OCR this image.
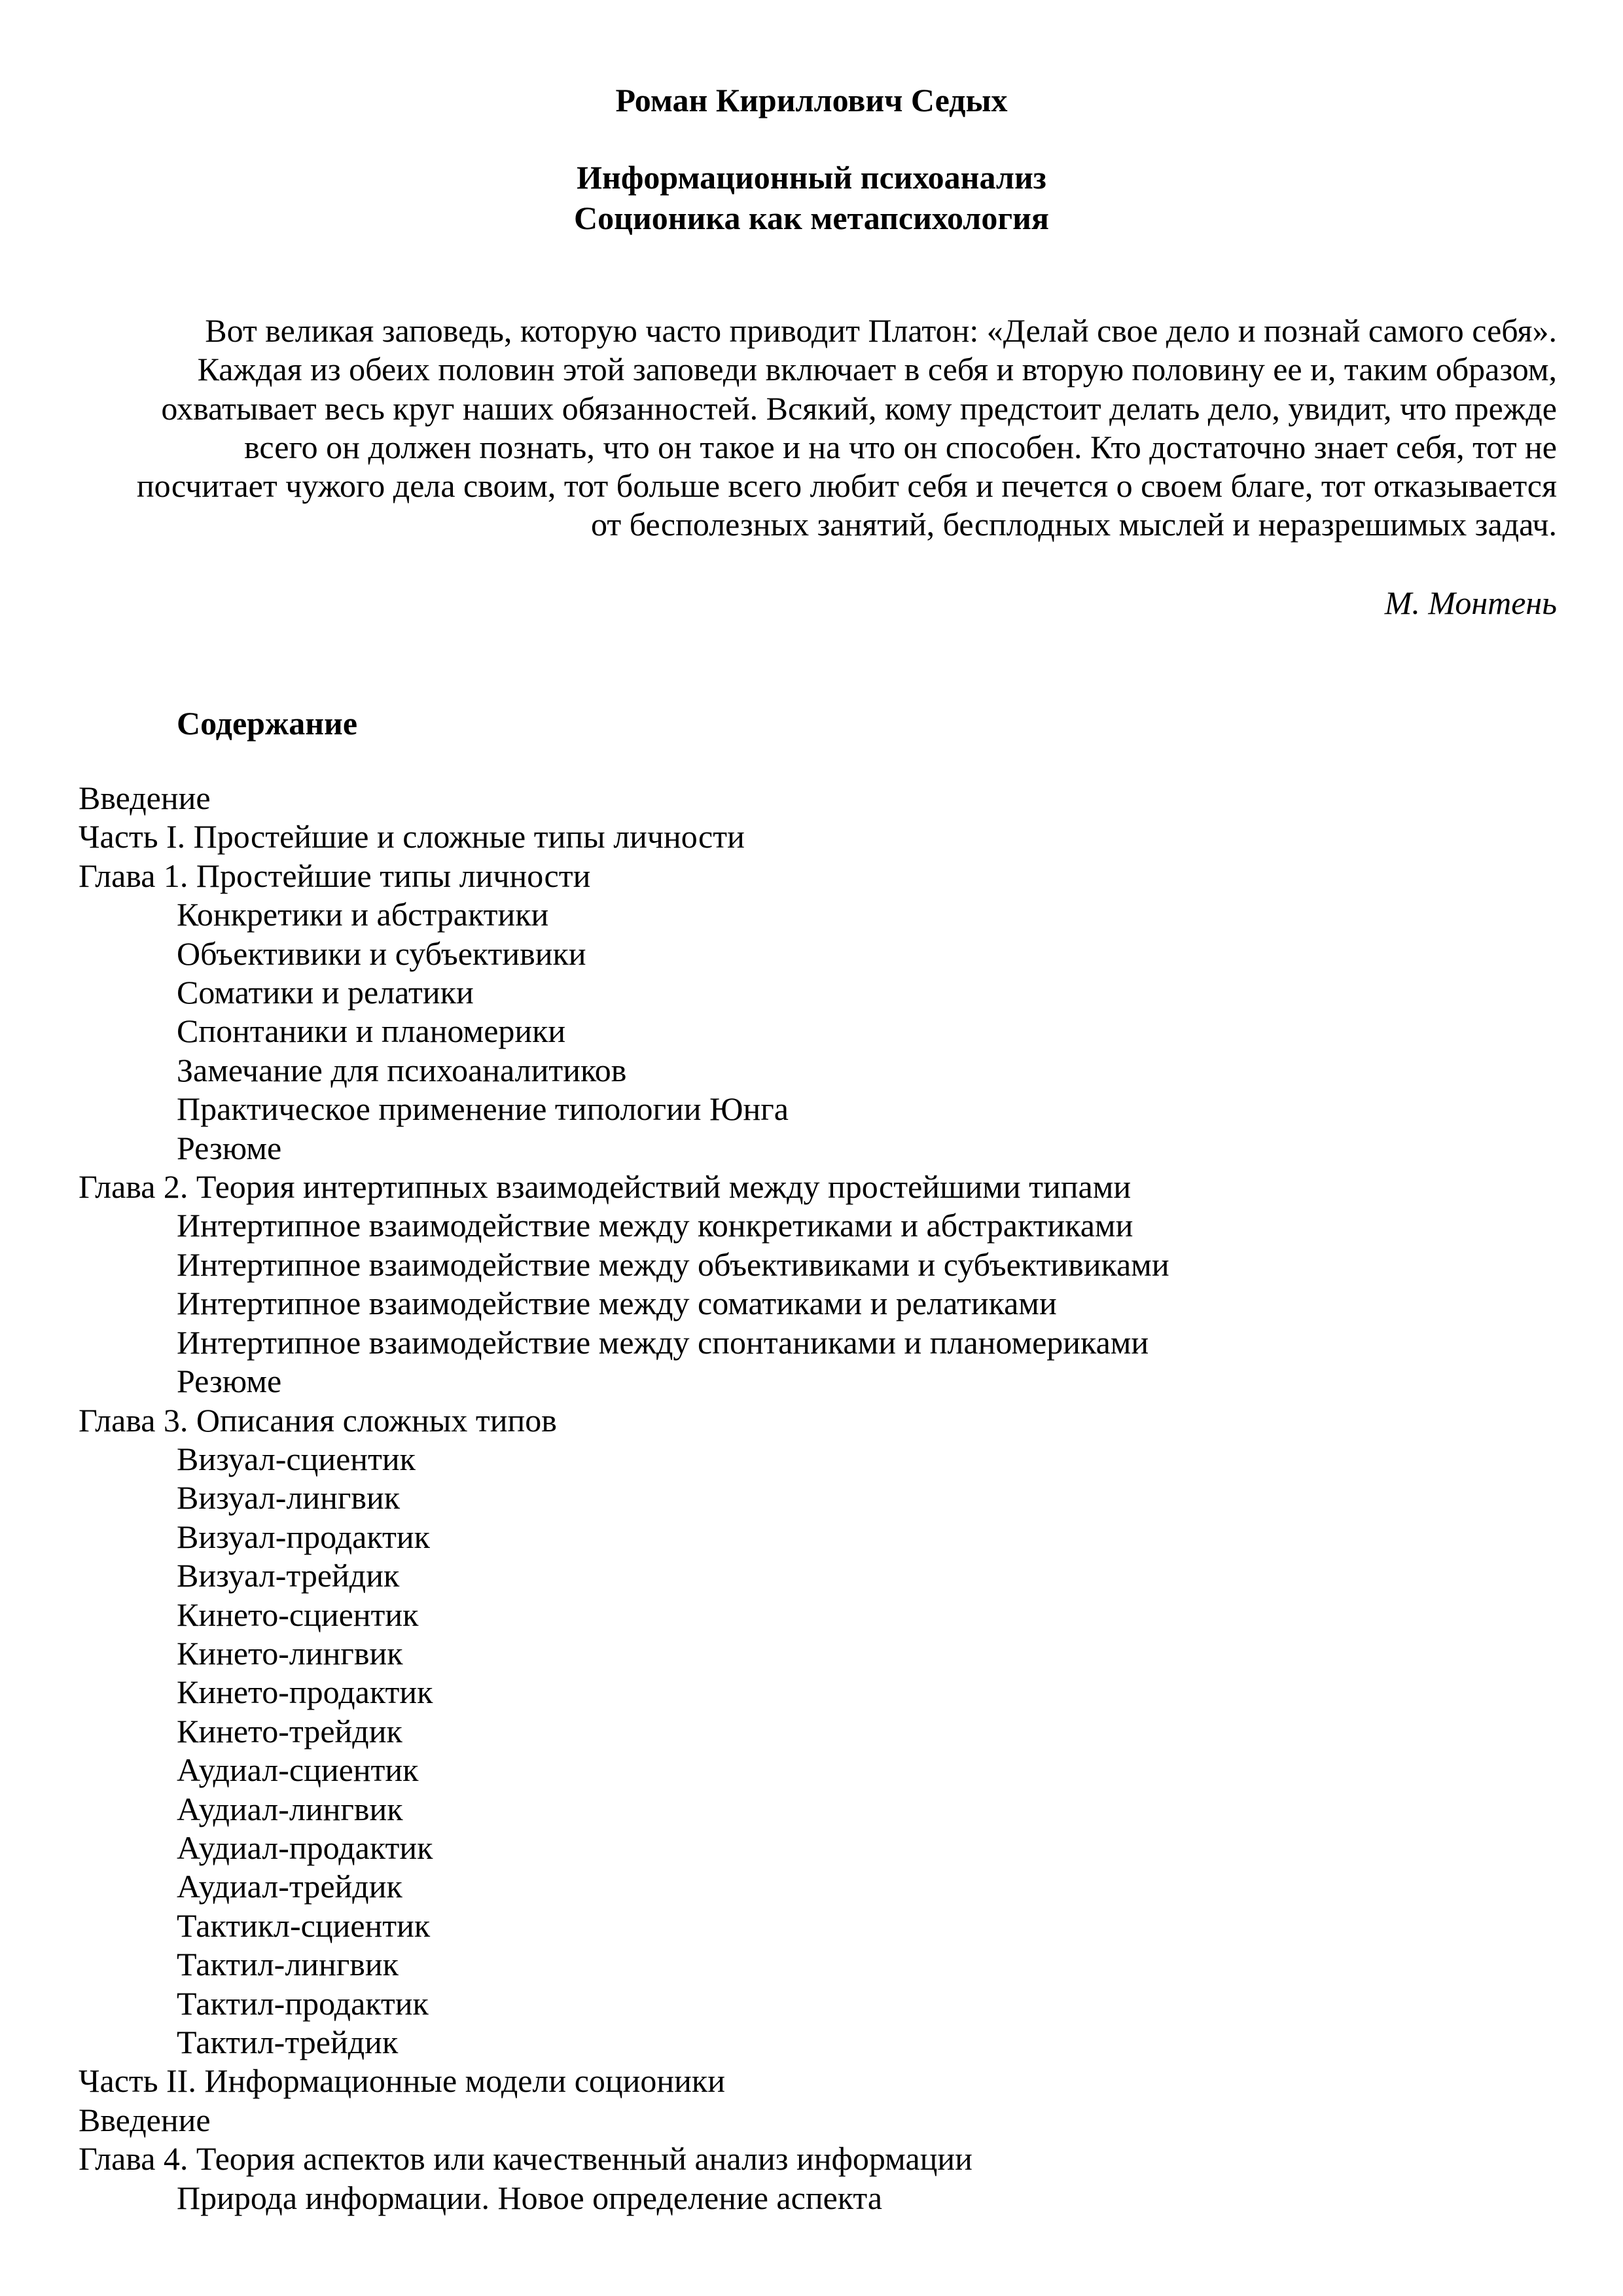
Роман Кириллович Седых
Информационный психоанализ
Соционика как метапсихология
Вот великая заповедь, которую часто приводит Платон: «Делай свое дело и познай самого себя».
Каждая из обеих половин этой заповеди включает в себя и вторую половину ее и, таким образом,
охватывает весь круг наших обязанностей. Всякий, кому предстоит делать дело, увидит, что прежде
всего он должен познать, что он такое и на что он способен. Кто достаточно знает себя, тот не
посчитает чужого дела своим, тот больше всего любит себя и печется о своем благе, тот отказывается
от бесполезных занятий, бесплодных мыслей и неразрешимых задач.
М. Монтень
Содержание
Введение
Часть I. Простейшие и сложные типы личности
Глава 1. Простейшие типы личности
Конкретики и абстрактики
Объективики и субъективики
Соматики и релатики
Спонтаники и планомерики
Замечание для психоаналитиков
Практическое применение типологии Юнга
Резюме
Глава 2. Теория интертипных взаимодействий между простейшими типами
Интертипное взаимодействие между конкретиками и абстрактиками
Интертипное взаимодействие между объективиками и субъективиками
Интертипное взаимодействие между соматиками и релатиками
Интертипное взаимодействие между спонтаниками и планомериками
Резюме
Глава 3. Описания сложных типов
Визуал-сциентик
Визуал-лингвик
Визуал-продактик
Визуал-трейдик
Кинето-сциентик
Кинето-лингвик
Кинето-продактик
Кинето-трейдик
Аудиал-сциентик
Аудиал-лингвик
Аудиал-продактик
Аудиал-трейдик
Тактикл-сциентик
Тактил-лингвик
Тактил-продактик
Тактил-трейдик
Часть II. Информационные модели соционики
Введение
Глава 4. Теория аспектов или качественный анализ информации
Природа информации. Новое определение аспекта
